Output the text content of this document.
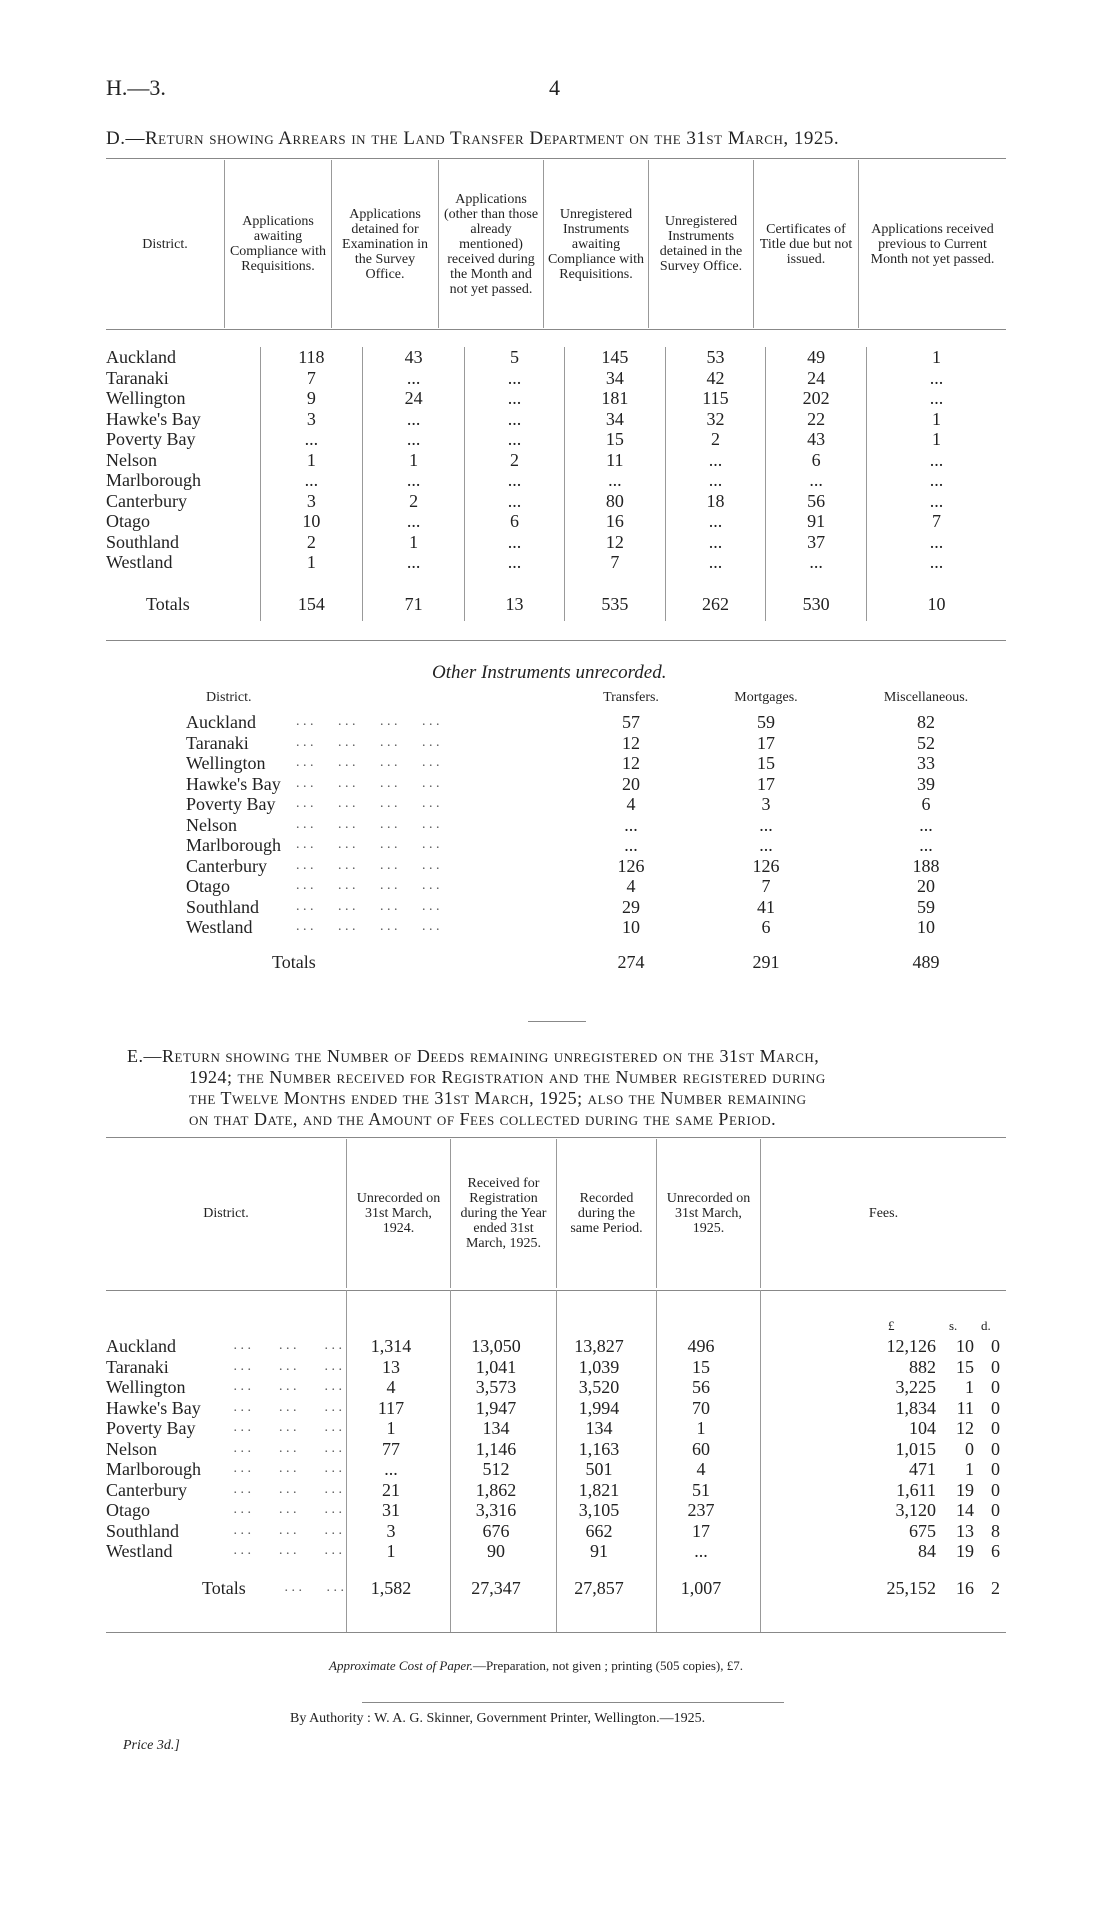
H.—3.	4
D.—Return showing Arrears in the Land Transfer Department on the 31st March, 1925.
District.
Applications awaiting Compliance with Requisitions.
Applications detained for Examination in the Survey Office.
Applications (other than those already mentioned) received during the Month and not yet passed.
Unregistered Instruments awaiting Compliance with Requisitions.
Unregistered Instruments detained in the Survey Office.
Certificates of Title due but not issued.
Applications received previous to Current Month not yet passed.
Auckland	118	43	5	145	53	49	1
Taranaki	7	...	...	34	42	24	...
Wellington	9	24	...	181	115	202	...
Hawke's Bay	3	...	...	34	32	22	1
Poverty Bay	...	...	...	15	2	43	1
Nelson	1	1	2	11	...	6	...
Marlborough	...	...	...	...	...	...	...
Canterbury	3	2	...	80	18	56	...
Otago	10	...	6	16	...	91	7
Southland	2	1	...	12	...	37	...
Westland	1	...	...	7	...	...	...
Totals	154	71	13	535	262	530	10
Other Instruments unrecorded.
District.	Transfers.	Mortgages.	Miscellaneous.
Auckland	57	59	82
. . .       . . .       . . .       . . .
Taranaki	12	17	52
. . .       . . .       . . .       . . .
Wellington	12	15	33
. . .       . . .       . . .       . . .
Hawke's Bay	20	17	39
. . .       . . .       . . .       . . .
Poverty Bay	4	3	6
. . .       . . .       . . .       . . .
Nelson	...	...	...
. . .       . . .       . . .       . . .
Marlborough	...	...	...
. . .       . . .       . . .       . . .
Canterbury	126	126	188
. . .       . . .       . . .       . . .
Otago	4	7	20
. . .       . . .       . . .       . . .
Southland	29	41	59
. . .       . . .       . . .       . . .
Westland	10	6	10
. . .       . . .       . . .       . . .
Totals	274	291	489
E.—Return showing the Number of Deeds remaining unregistered on the 31st March,
1924; the Number received for Registration and the Number registered during
the Twelve Months ended the 31st March, 1925; also the Number remaining
on that Date, and the Amount of Fees collected during the same Period.
District.
Unrecorded on 31st March, 1924.
Received for Registration during the Year ended 31st March, 1925.
Recorded during the same Period.
Unrecorded on 31st March, 1925.
Fees.
£	s. d.
Auckland	. . .        . . .        . . .	1,314	13,050	13,827	496	12,126	10 0
Taranaki	. . .        . . .        . . .	13	1,041	1,039	15	882	15 0
Wellington	. . .        . . .        . . .	4	3,573	3,520	56	3,225	1 0
Hawke's Bay	. . .        . . .        . . .	117	1,947	1,994	70	1,834	11 0
Poverty Bay	. . .        . . .        . . .	1	134	134	1	104	12 0
Nelson	. . .        . . .        . . .	77	1,146	1,163	60	1,015	0 0
Marlborough	. . .        . . .        . . .	...	512	501	4	471	1 0
Canterbury	. . .        . . .        . . .	21	1,862	1,821	51	1,611	19 0
Otago	. . .        . . .        . . .	31	3,316	3,105	237	3,120	14 0
Southland	. . .        . . .        . . .	3	676	662	17	675	13 8
Westland	. . .        . . .        . . .	1	90	91	...	84	19 6
Totals	. . .       . . .	1,582	27,347	27,857	1,007	25,152	16 2
Approximate Cost of Paper.—Preparation, not given ; printing (505 copies), £7.
By Authority : W. A. G. Skinner, Government Printer, Wellington.—1925.
Price 3d.]
